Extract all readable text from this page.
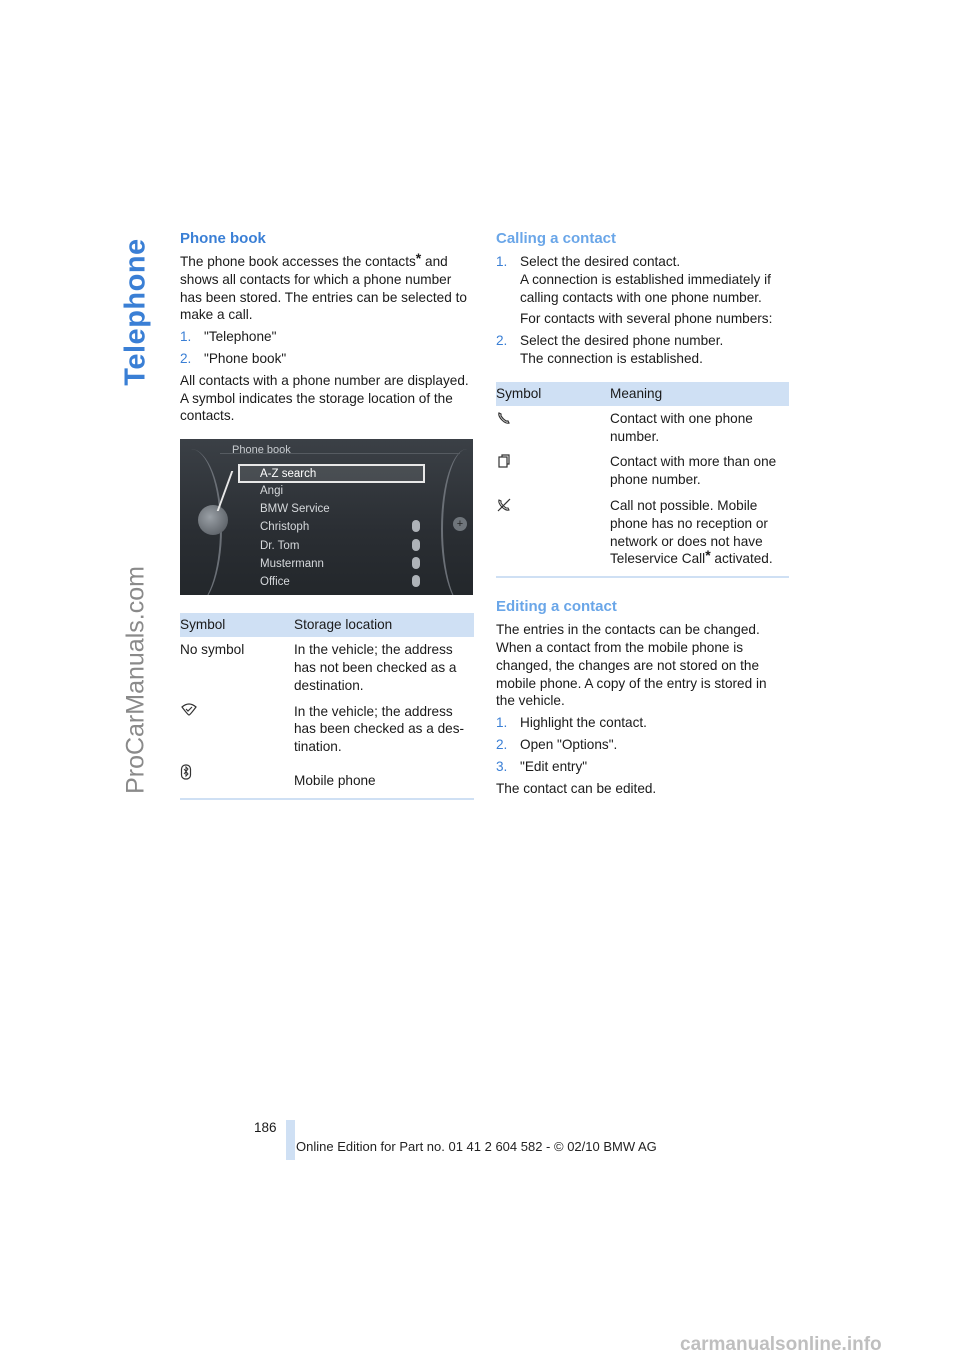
Telephone
ProCarManuals.com
Phone book

The phone book accesses the contacts* and shows all contacts for which a phone number has been stored. The entries can be selected to make a call.

1. "Telephone"
2. "Phone book"

All contacts with a phone number are displayed. A symbol indicates the storage location of the contacts.

Phone book
A-Z search
Angi
BMW Service
Christoph
Dr. Tom
Mustermann
Office
+
Symbol	Storage location
No symbol	In the vehicle; the address has not been checked as a destination.
	In the vehicle; the address has been checked as a des-tination.
	Mobile phone
Calling a contact
1. Select the desired contact.
A connection is established immediately if calling contacts with one phone number.

For contacts with several phone numbers:

2. Select the desired phone number.
The connection is established.
Symbol	Meaning
	Contact with one phone number.
	Contact with more than one phone number.
	Call not possible. Mobile phone has no reception or network or does not have Teleservice Call* activated.
Editing a contact

The entries in the contacts can be changed. When a contact from the mobile phone is changed, the changes are not stored on the mobile phone. A copy of the entry is stored in the vehicle.

1. Highlight the contact.
2. Open "Options".
3. "Edit entry"

The contact can be edited.

186
Online Edition for Part no. 01 41 2 604 582 - © 02/10 BMW AG
carmanualsonline.info
